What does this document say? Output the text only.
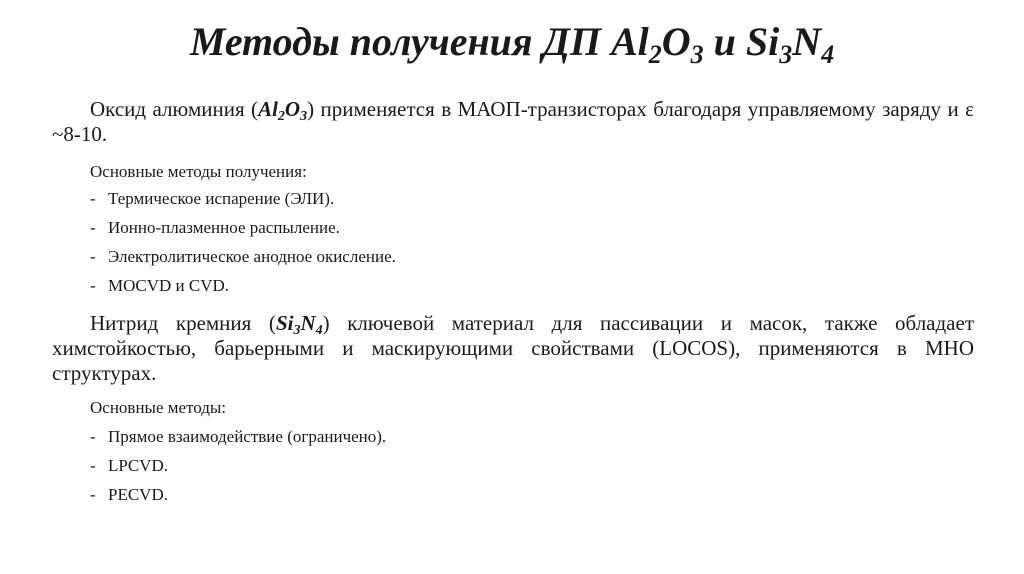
Методы получения ДП $Al_2O_3$ и $Si_3N_4$

Оксид алюминия $(Al_2O_3)$ применяется в МАОП-транзисторах благодаря управляемому заряду и ε ~8-10.

Основные методы получения:

- Термическое испарение (ЭЛИ).
- Ионно-плазменное распыление.
- Электролитическое анодное окисление.
- MOCVD и CVD.

Нитрид кремния $(Si_3N_4)$ ключевой материал для пассивации и масок, также обладает химстойкостью, барьерными и маскирующими свойствами (LOCOS), применяются в МНО структурах.

Основные методы:

- Прямое взаимодействие (ограничено).
- LPCVD.
- PECVD.
